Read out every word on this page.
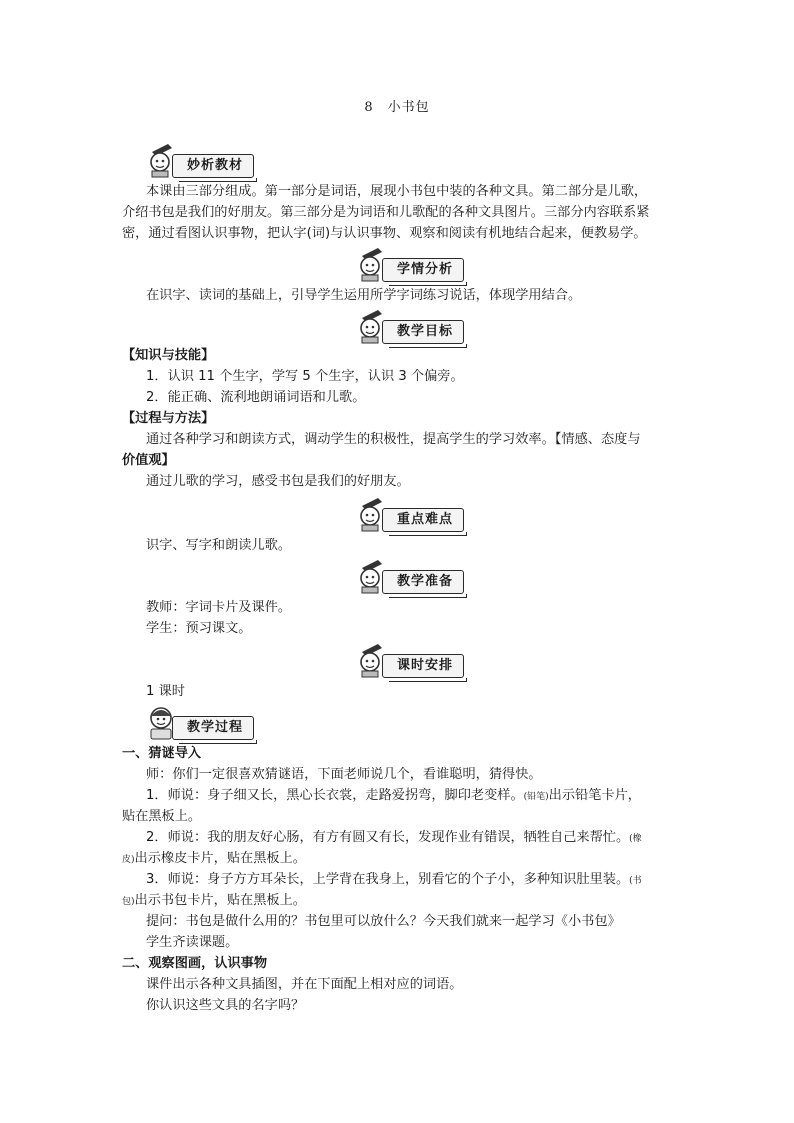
8 小书包
妙析教材
本课由三部分组成。第一部分是词语，展现小书包中装的各种文具。第二部分是儿歌，
介绍书包是我们的好朋友。第三部分是为词语和儿歌配的各种文具图片。三部分内容联系紧
密，通过看图认识事物，把认字(词)与认识事物、观察和阅读有机地结合起来，便教易学。
学情分析
在识字、读词的基础上，引导学生运用所学字词练习说话，体现学用结合。
教学目标
【知识与技能】
1．认识 11 个生字，学写 5 个生字，认识 3 个偏旁。
2．能正确、流利地朗诵词语和儿歌。
【过程与方法】
通过各种学习和朗读方式，调动学生的积极性，提高学生的学习效率。【情感、态度与
价值观】
通过儿歌的学习，感受书包是我们的好朋友。
重点难点
识字、写字和朗读儿歌。
教学准备
教师：字词卡片及课件。
学生：预习课文。
课时安排
1 课时
教学过程
一、猜谜导入
师：你们一定很喜欢猜谜语，下面老师说几个，看谁聪明，猜得快。
1．师说：身子细又长，黑心长衣裳，走路爱拐弯，脚印老变样。(铅笔)出示铅笔卡片，
贴在黑板上。
2．师说：我的朋友好心肠，有方有圆又有长，发现作业有错误，牺牲自己来帮忙。(橡
皮)出示橡皮卡片，贴在黑板上。
3．师说：身子方方耳朵长，上学背在我身上，别看它的个子小，多种知识肚里装。(书
包)出示书包卡片，贴在黑板上。
提问：书包是做什么用的？书包里可以放什么？今天我们就来一起学习《小书包》
学生齐读课题。
二、观察图画，认识事物
课件出示各种文具插图，并在下面配上相对应的词语。
你认识这些文具的名字吗？
